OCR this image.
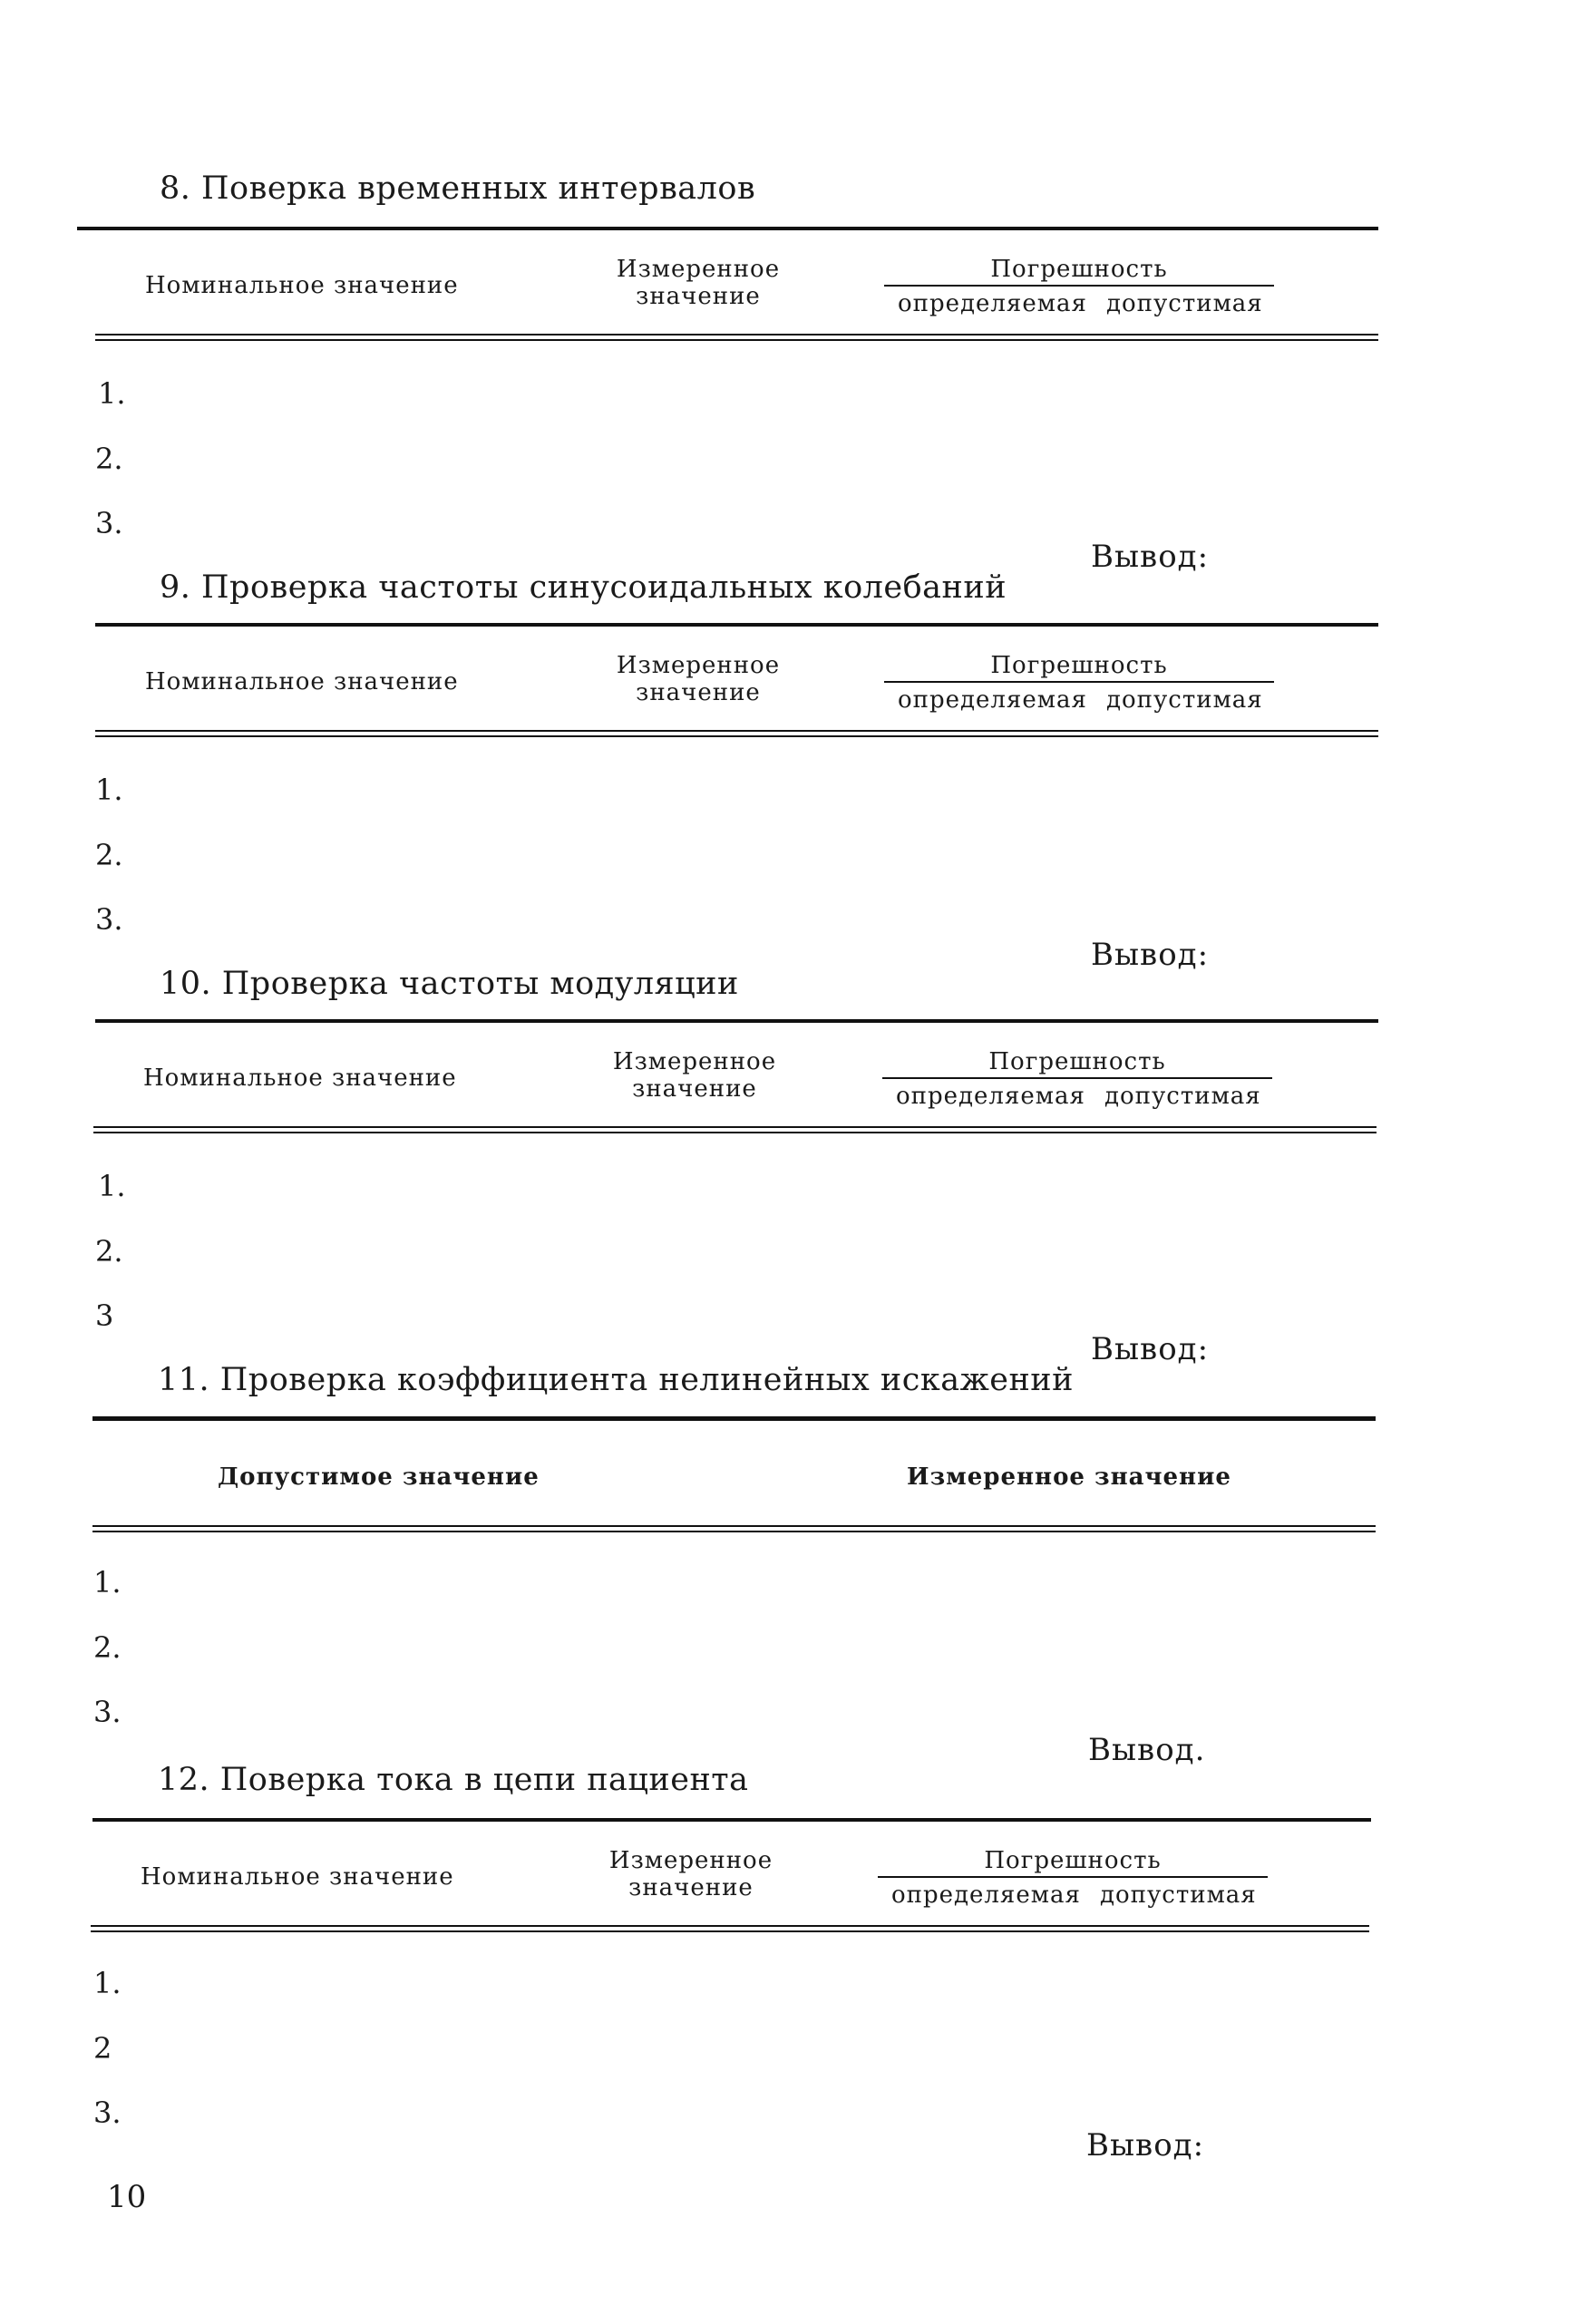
8. Поверка временных интервалов
Номинальное значение
Измеренное
значение
Погрешность
определяемая допустимая
1.
2.
3.
Вывод:
9. Проверка частоты синусоидальных колебаний
Номинальное значение
Измеренное
значение
Погрешность
определяемая допустимая
1.
2.
3.
Вывод:
10. Проверка частоты модуляции
Номинальное значение
Измеренное
значение
Погрешность
определяемая допустимая
1.
2.
3
Вывод:
11. Проверка коэффициента нелинейных искажений
Допустимое значение	Измеренное значение
1.
2.
3.
Вывод.
12. Поверка тока в цепи пациента
Номинальное значение
Измеренное
значение
Погрешность
определяемая допустимая
1.
2
3.
Вывод:
10
